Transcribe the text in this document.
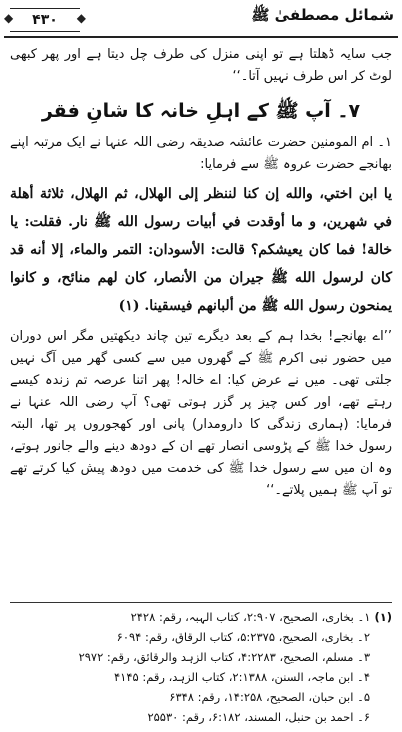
شمائل مصطفیٰ ﷺ
◆ ۴۳۰
◆

جب سایہ ڈھلتا ہے تو اپنی منزل کی طرف چل دیتا ہے اور پھر کبھی لوٹ کر اس طرف نہیں آتا۔‘‘

۷۔ آپ ﷺ کے اہلِ خانہ کا شانِ فقر

۱۔ ام المومنین حضرت عائشہ صدیقہ رضی اللہ عنہا نے ایک مرتبہ اپنے بھانجے حضرت عروہ ﷺ سے فرمایا:

يا ابن اختي، والله إن كنا لننظر إلى الهلال، ثم الهلال، ثلاثة أهلة في شهرين، و ما أوقدت في أبيات رسول الله ﷺ نار. فقلت: يا خالة! فما كان يعيشكم؟ قالت: الأسودان: التمر والماء، إلا أنه قد كان لرسول الله ﷺ جيران من الأنصار، كان لهم منائح، و كانوا يمنحون رسول الله ﷺ من ألبانهم فيسقينا. (۱)

’’اے بھانجے! بخدا ہم کے بعد دیگرے تین چاند دیکھتیں مگر اس دوران میں حضور نبی اکرم ﷺ کے گھروں میں سے کسی گھر میں آگ نہیں جلتی تھی۔ میں نے عرض کیا: اے خالہ! پھر اتنا عرصہ تم زندہ کیسے رہتے تھے، اور کس چیز پر گزر ہوتی تھی؟ آپ رضی اللہ عنہا نے فرمایا: (ہماری زندگی کا دارومدار) پانی اور کھجوروں پر تھا، البتہ رسول خدا ﷺ کے پڑوسی انصار تھے ان کے دودھ دینے والے جانور ہوتے، وہ ان میں سے رسول خدا ﷺ کی خدمت میں دودھ پیش کیا کرتے تھے تو آپ ﷺ ہمیں پلاتے۔‘‘

(۱)۱۔ بخاری، الصحیح، ۲:۹۰۷، کتاب الہبہ، رقم: ۲۴۲۸

۲۔ بخاری، الصحیح، ۵:۲۳۷۵، کتاب الرقاق، رقم: ۶۰۹۴

۳۔ مسلم، الصحیح، ۴:۲۲۸۳، کتاب الزہد والرقائق، رقم: ۲۹۷۲

۴۔ ابن ماجہ، السنن، ۲:۱۳۸۸، کتاب الزہد، رقم: ۴۱۴۵

۵۔ ابن حبان، الصحیح، ۱۴:۲۵۸، رقم: ۶۳۴۸

۶۔ احمد بن حنبل، المسند، ۶:۱۸۲، رقم: ۲۵۵۳۰
